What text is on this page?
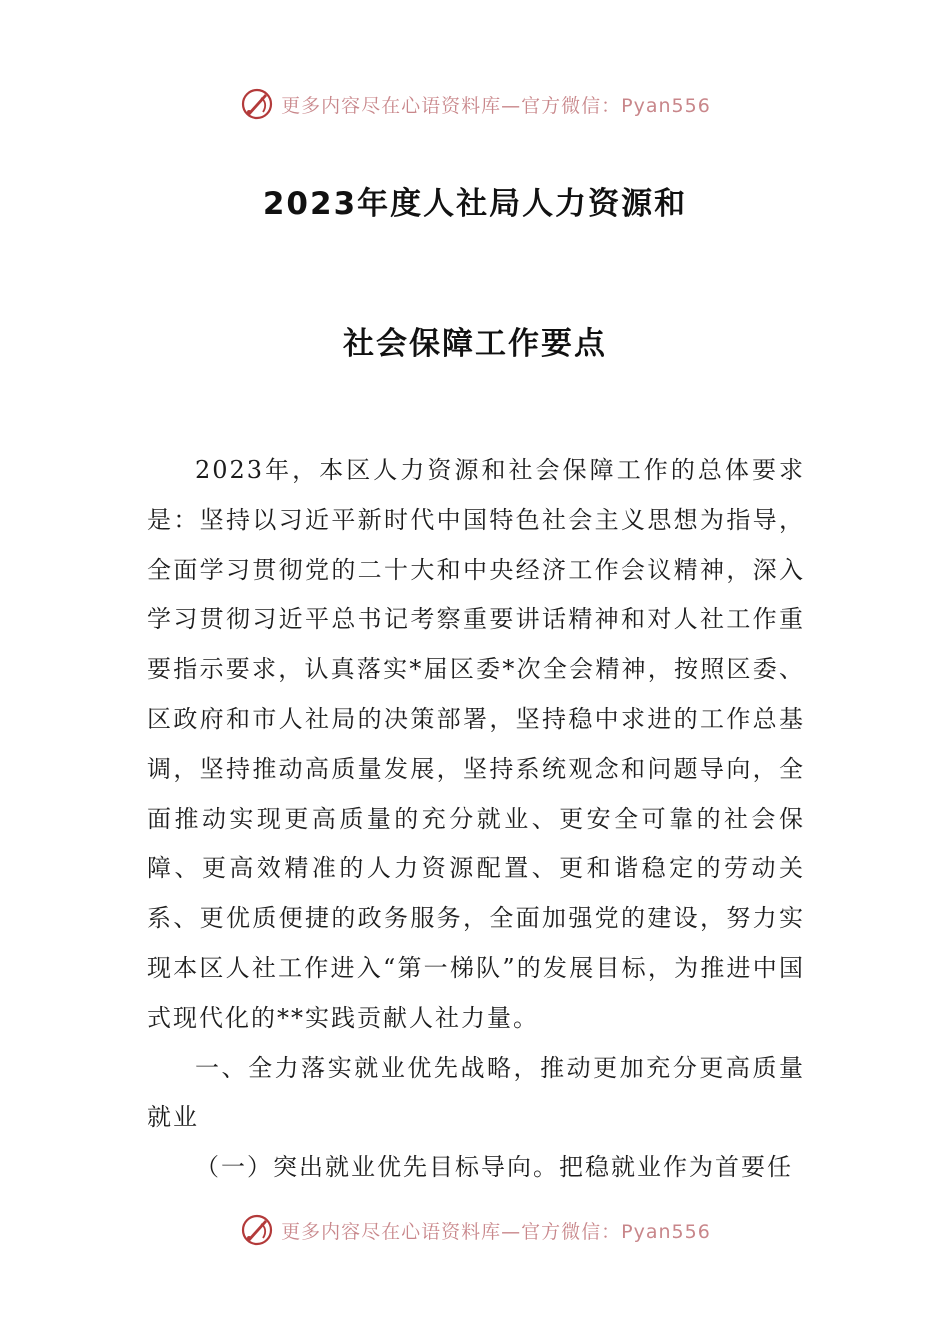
更多内容尽在心语资料库—官方微信：Pyan556
2023年度人社局人力资源和
社会保障工作要点

2023年，本区人力资源和社会保障工作的总体要求是：坚持以习近平新时代中国特色社会主义思想为指导，全面学习贯彻党的二十大和中央经济工作会议精神，深入学习贯彻习近平总书记考察重要讲话精神和对人社工作重要指示要求，认真落实*届区委*次全会精神，按照区委、区政府和市人社局的决策部署，坚持稳中求进的工作总基调，坚持推动高质量发展，坚持系统观念和问题导向，全面推动实现更高质量的充分就业、更安全可靠的社会保障、更高效精准的人力资源配置、更和谐稳定的劳动关系、更优质便捷的政务服务，全面加强党的建设，努力实现本区人社工作进入“第一梯队”的发展目标，为推进中国式现代化的**实践贡献人社力量。

一、全力落实就业优先战略，推动更加充分更高质量就业

（一）突出就业优先目标导向。把稳就业作为首要任

更多内容尽在心语资料库—官方微信：Pyan556
